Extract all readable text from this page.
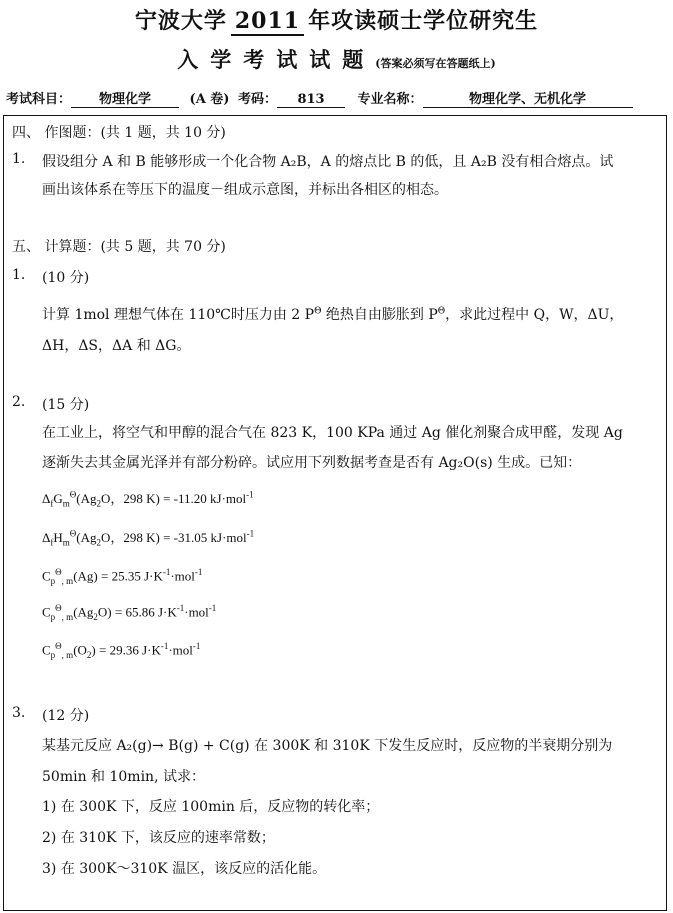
宁波大学 2011 年攻读硕士学位研究生
入学考试试题(答案必须写在答题纸上)
考试科目： 物理化学	(A 卷) 考码： 813	专业名称：	物理化学、无机化学
四、 作图题：(共 1 题，共 10 分)
1. 假设组分 A 和 B 能够形成一个化合物 A₂B，A 的熔点比 B 的低，且 A₂B 没有相合熔点。试
画出该体系在等压下的温度－组成示意图，并标出各相区的相态。
五、 计算题：(共 5 题，共 70 分)
1. (10 分)
计算 1mol 理想气体在 110℃时压力由 2 $P^\Theta$ 绝热自由膨胀到 $P^\Theta$，求此过程中 Q，W，ΔU，
ΔH，ΔS，ΔA 和 ΔG。
2. (15 分)
在工业上，将空气和甲醇的混合气在 823 K，100 KPa 通过 Ag 催化剂聚合成甲醛，发现 Ag
逐渐失去其金属光泽并有部分粉碎。试应用下列数据考查是否有 Ag₂O(s) 生成。已知：
$\Delta_fG_m^\Theta(Ag_2O$，298 K) = -11.20 kJ·mol$^{-1}$
$\Delta_fH_m^\Theta(Ag_2O$，298 K) = -31.05 kJ·mol$^{-1}$
$C_p^\Theta_{, m}(Ag) = 25.35$ $J\cdot K^{-1}\cdot mol^{-1}$
$C_p^\Theta_{, m}(Ag_2O) = 65.86$ $J\cdot K^{-1}\cdot mol^{-1}$
$C_p^\Theta_{, m}(O_2) = 29.36$ $J\cdot K^{-1}\cdot mol^{-1}$
3. (12 分)
某基元反应 A₂(g)→ B(g) + C(g) 在 300K 和 310K 下发生反应时，反应物的半衰期分别为
50min 和 10min, 试求：
1) 在 300K 下，反应 100min 后，反应物的转化率；
2) 在 310K 下，该反应的速率常数；
3) 在 300K～310K 温区，该反应的活化能。
